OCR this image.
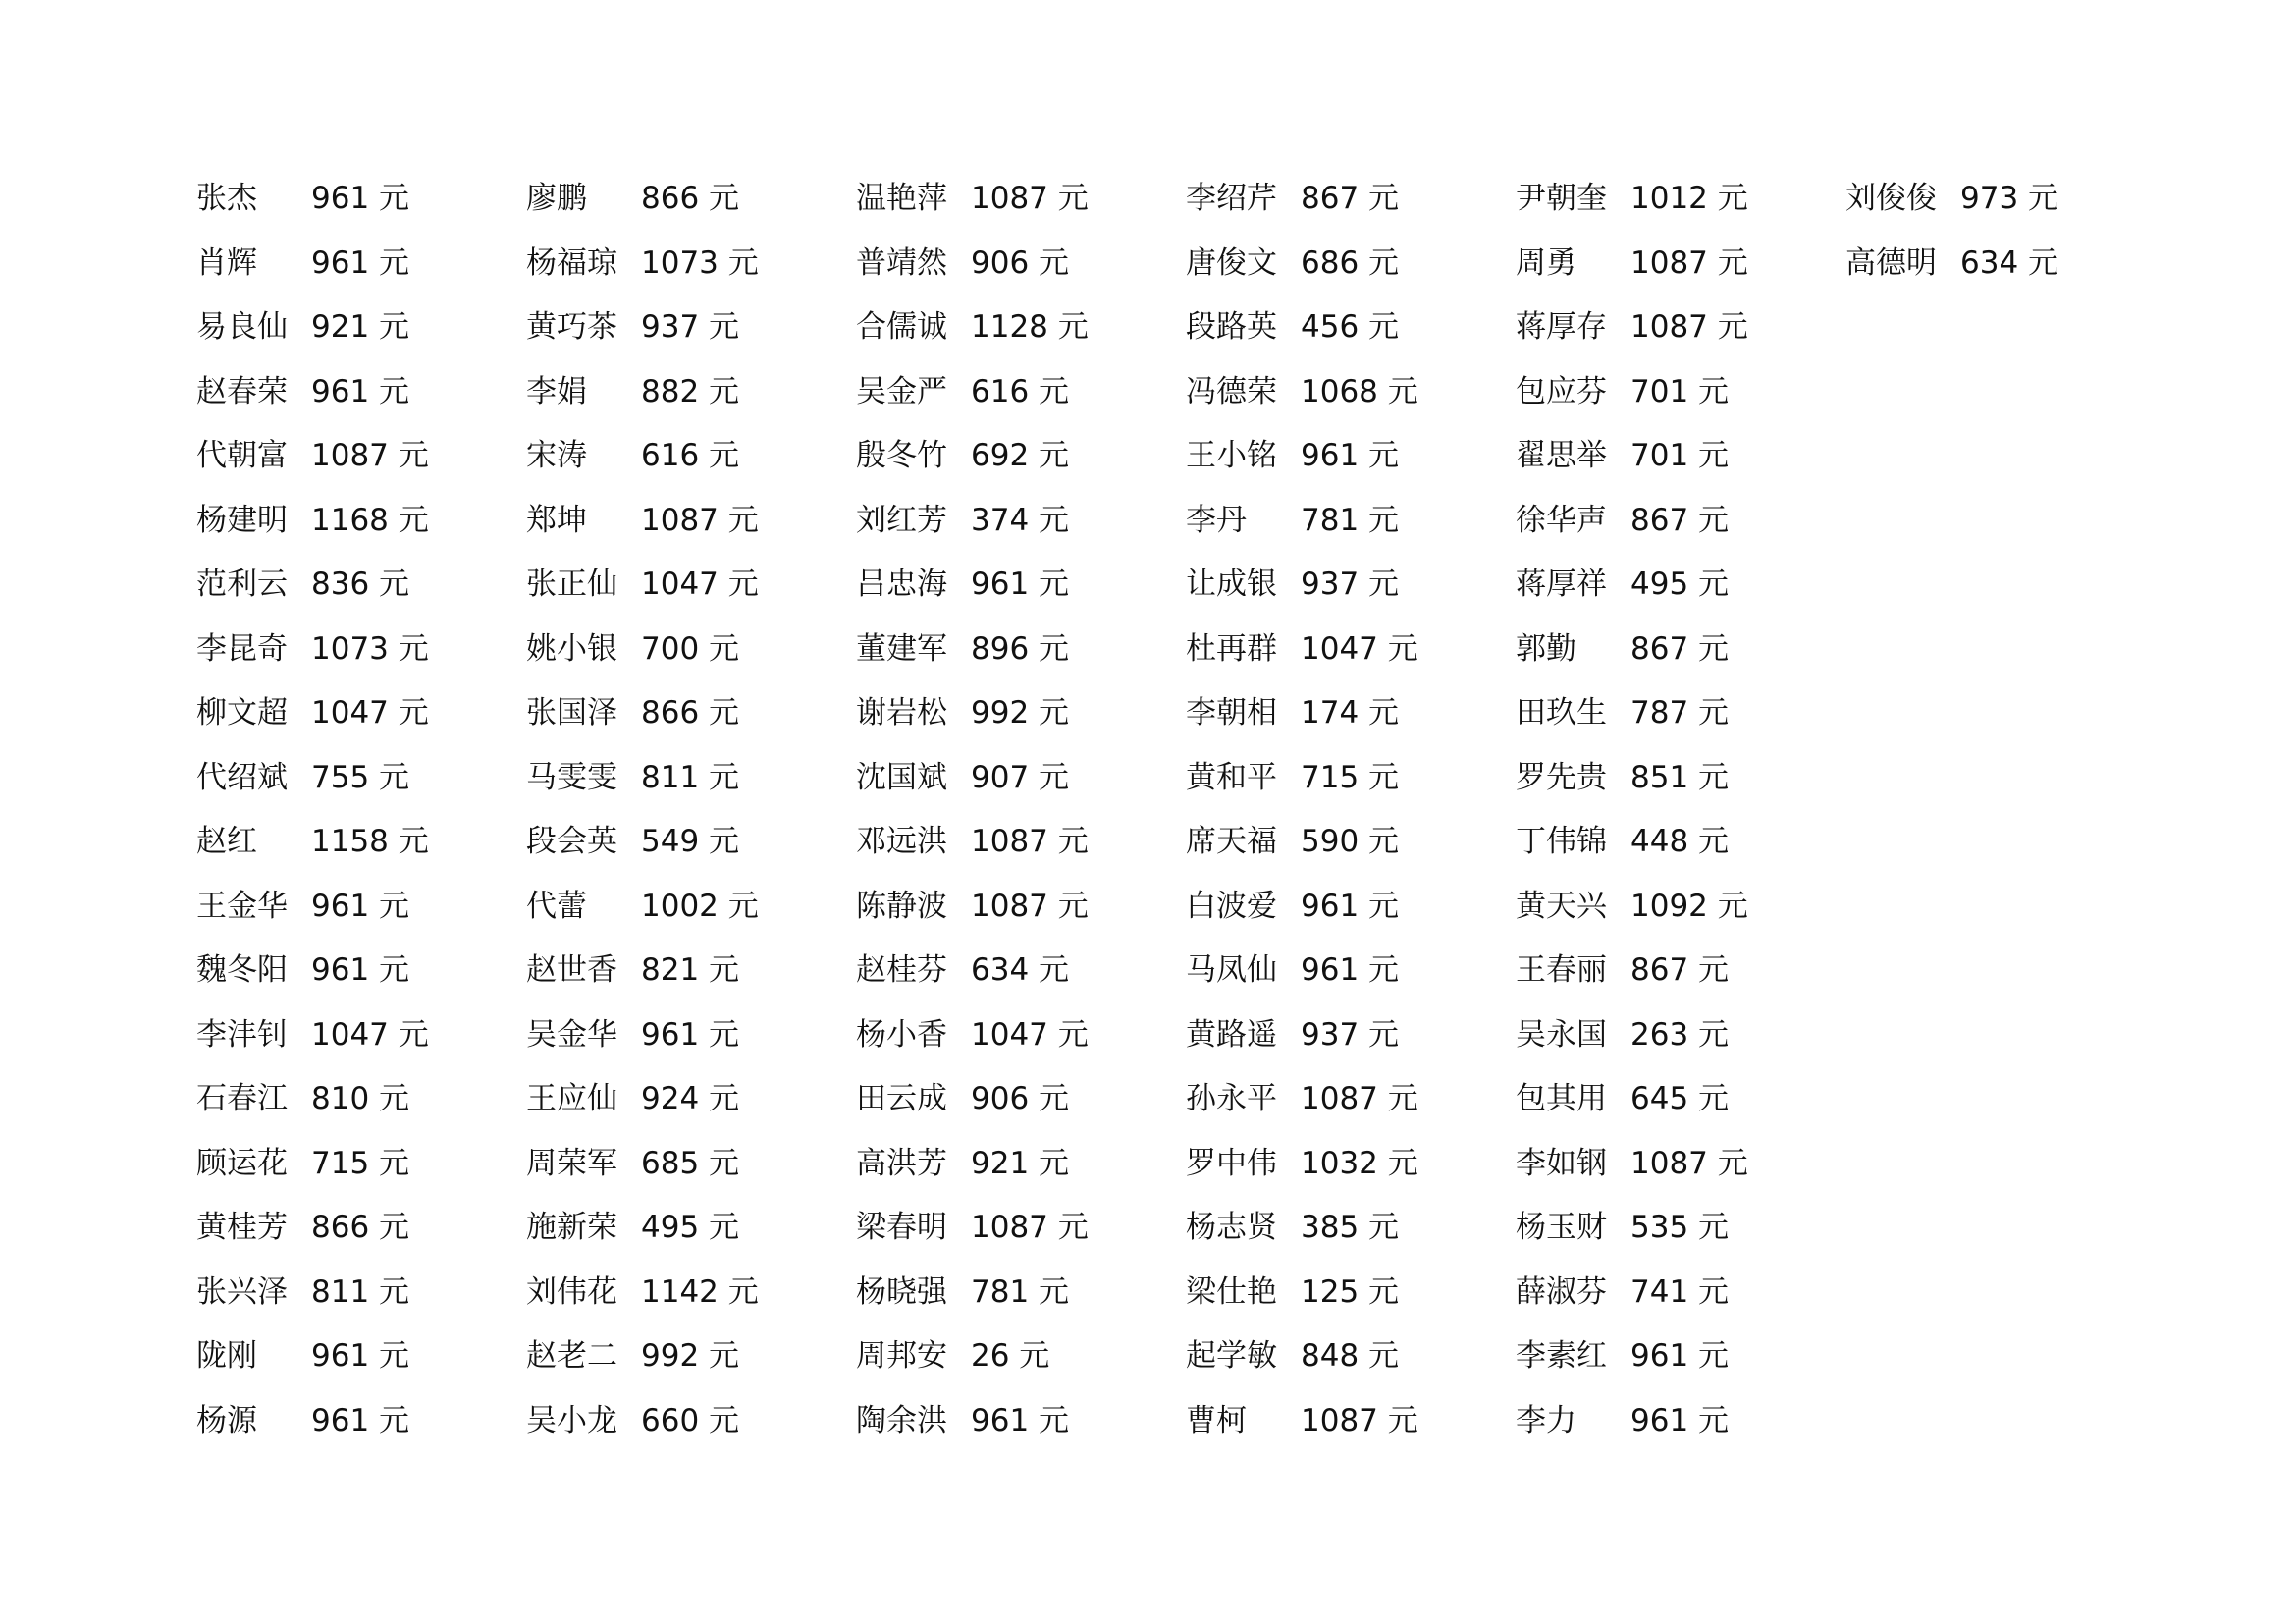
张杰 961 元
肖辉 961 元
易良仙 921 元
赵春荣 961 元
代朝富 1087 元
杨建明 1168 元
范利云 836 元
李昆奇 1073 元
柳文超 1047 元
代绍斌 755 元
赵红 1158 元
王金华 961 元
魏冬阳 961 元
李沣钊 1047 元
石春江 810 元
顾运花 715 元
黄桂芳 866 元
张兴泽 811 元
陇刚 961 元
杨源 961 元
廖鹏 866 元
杨福琼 1073 元
黄巧茶 937 元
李娟 882 元
宋涛 616 元
郑坤 1087 元
张正仙 1047 元
姚小银 700 元
张国泽 866 元
马雯雯 811 元
段会英 549 元
代蕾 1002 元
赵世香 821 元
吴金华 961 元
王应仙 924 元
周荣军 685 元
施新荣 495 元
刘伟花 1142 元
赵老二 992 元
吴小龙 660 元
温艳萍 1087 元
普靖然 906 元
合儒诚 1128 元
吴金严 616 元
殷冬竹 692 元
刘红芳 374 元
吕忠海 961 元
董建军 896 元
谢岩松 992 元
沈国斌 907 元
邓远洪 1087 元
陈静波 1087 元
赵桂芬 634 元
杨小香 1047 元
田云成 906 元
高洪芳 921 元
梁春明 1087 元
杨晓强 781 元
周邦安 26 元
陶余洪 961 元
李绍芹 867 元
唐俊文 686 元
段路英 456 元
冯德荣 1068 元
王小铭 961 元
李丹 781 元
让成银 937 元
杜再群 1047 元
李朝相 174 元
黄和平 715 元
席天福 590 元
白波爱 961 元
马凤仙 961 元
黄路遥 937 元
孙永平 1087 元
罗中伟 1032 元
杨志贤 385 元
梁仕艳 125 元
起学敏 848 元
曹柯 1087 元
尹朝奎 1012 元
周勇 1087 元
蒋厚存 1087 元
包应芬 701 元
翟思举 701 元
徐华声 867 元
蒋厚祥 495 元
郭勤 867 元
田玖生 787 元
罗先贵 851 元
丁伟锦 448 元
黄天兴 1092 元
王春丽 867 元
吴永国 263 元
包其用 645 元
李如钢 1087 元
杨玉财 535 元
薛淑芬 741 元
李素红 961 元
李力 961 元
刘俊俊 973 元
高德明 634 元
